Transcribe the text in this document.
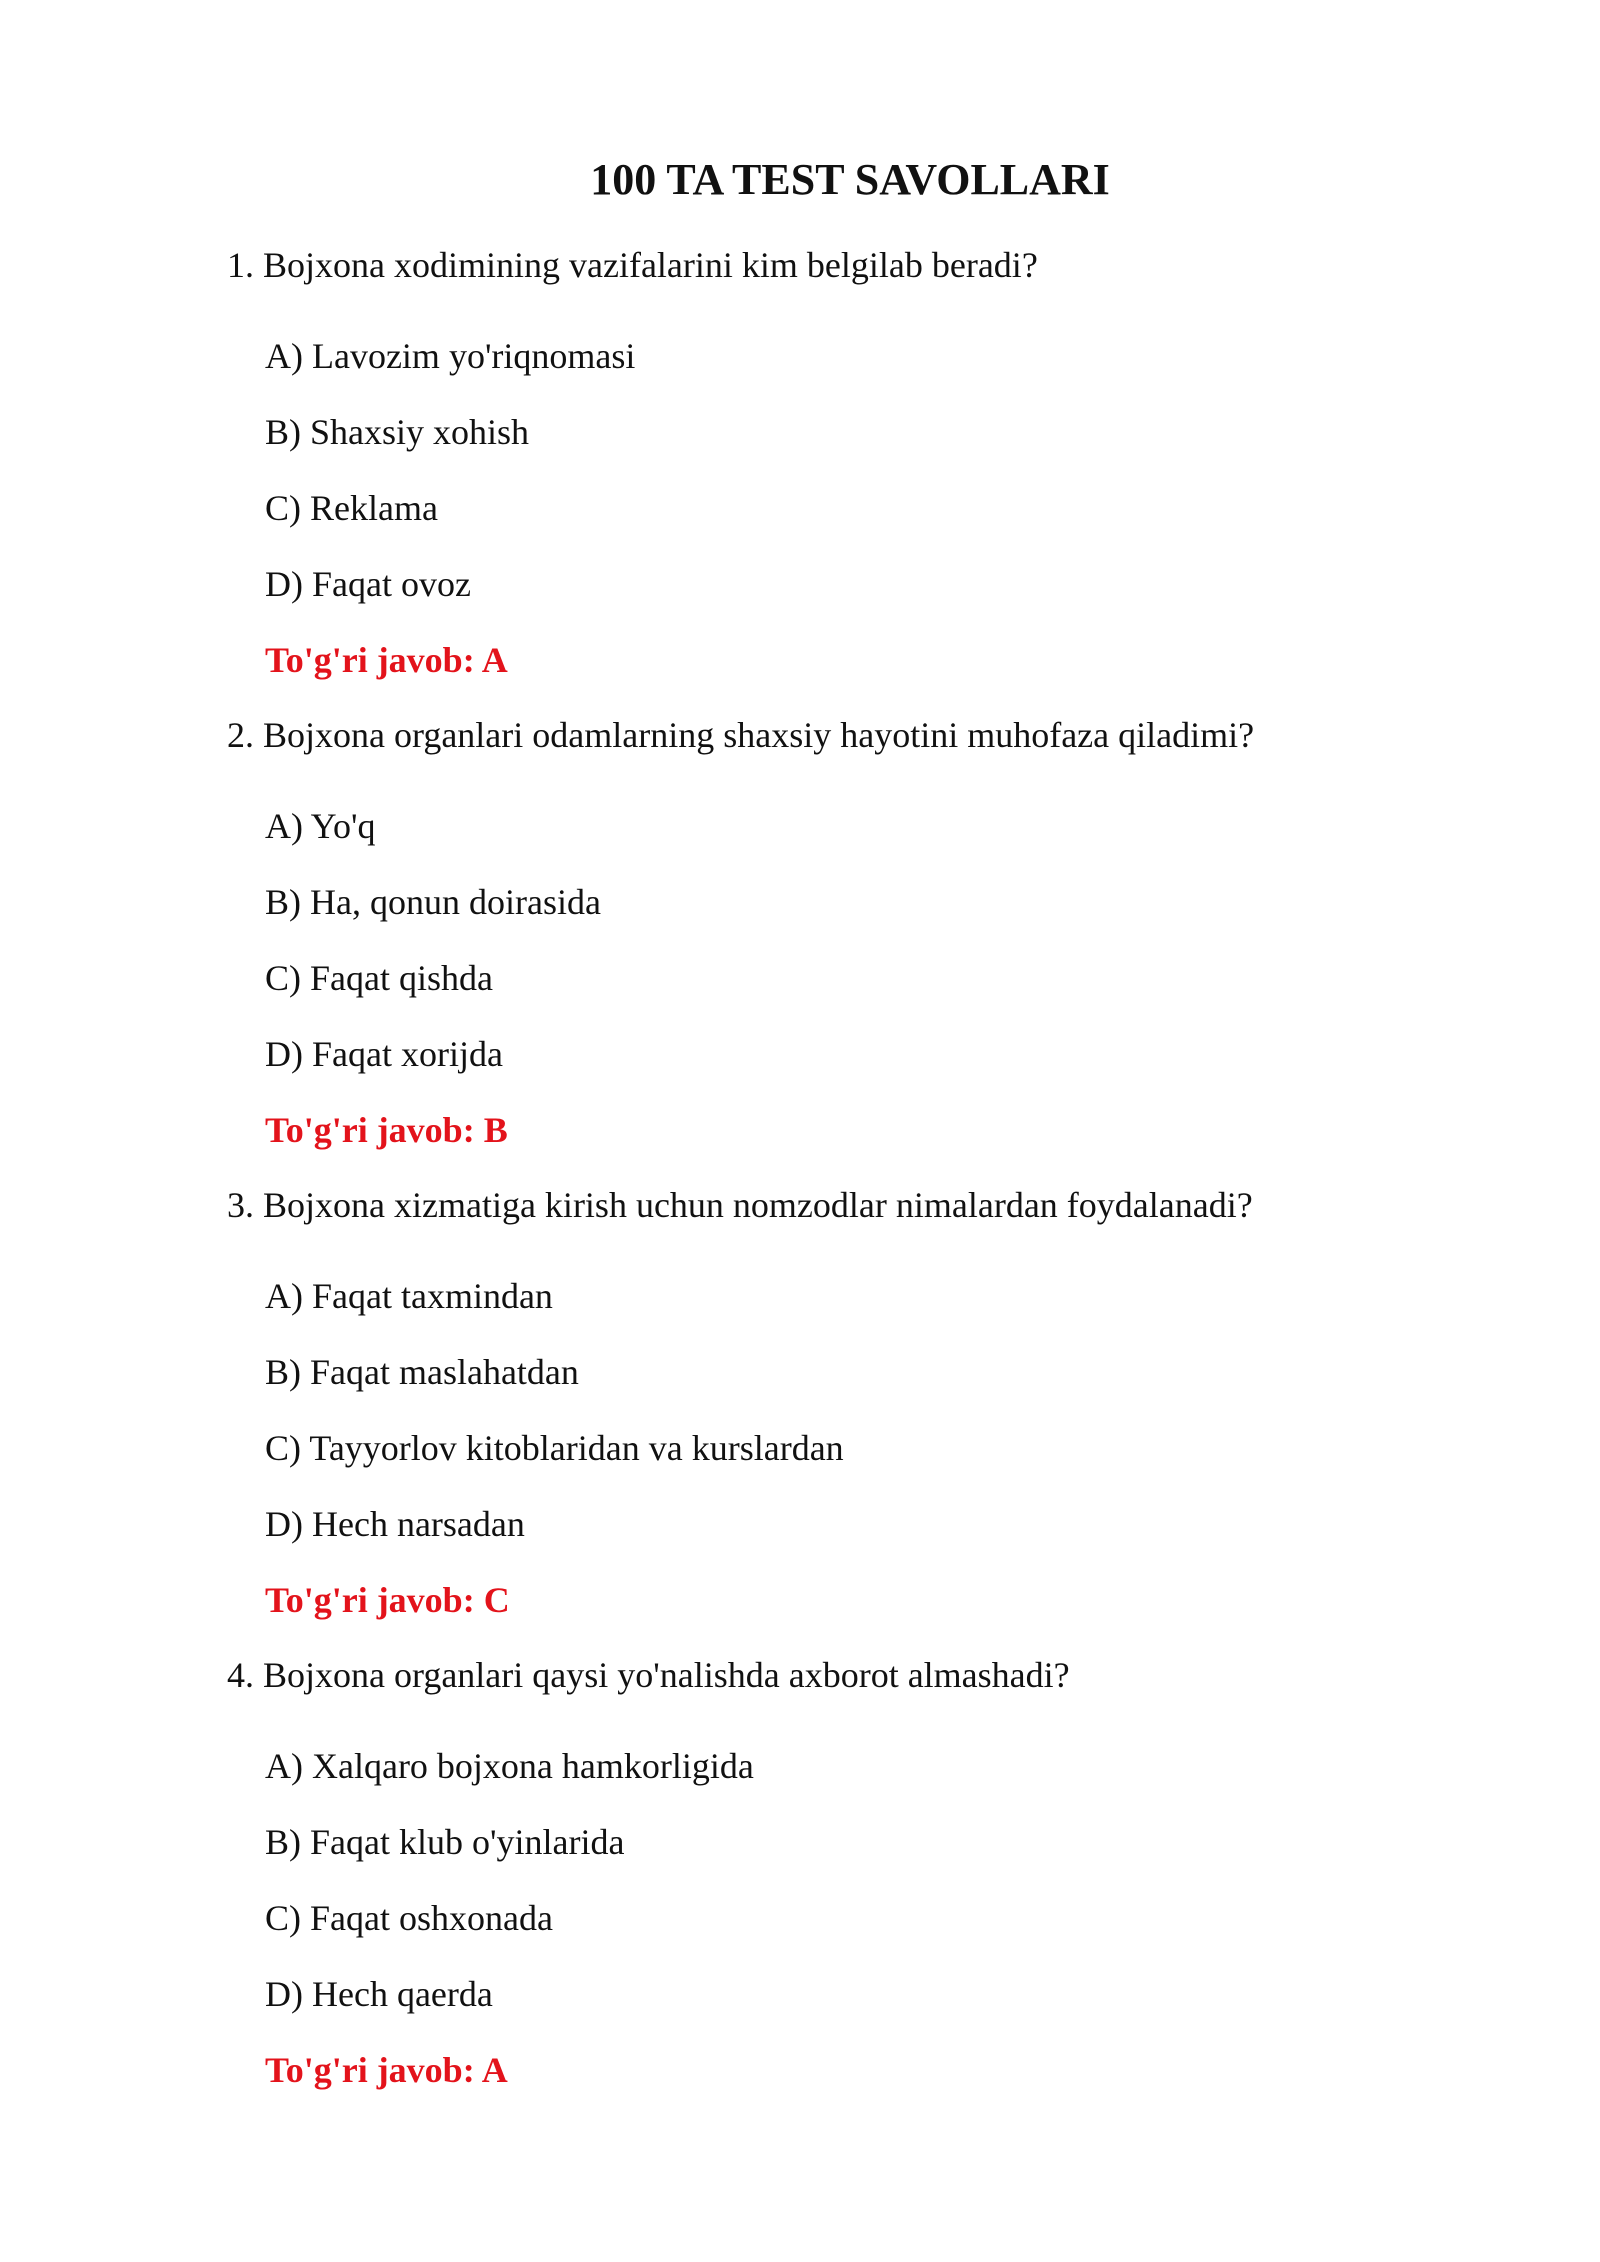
100 TA TEST SAVOLLARI
1. Bojxona xodimining vazifalarini kim belgilab beradi?
A) Lavozim yo'riqnomasi
B) Shaxsiy xohish
C) Reklama
D) Faqat ovoz
To'g'ri javob: A
2. Bojxona organlari odamlarning shaxsiy hayotini muhofaza qiladimi?
A) Yo'q
B) Ha, qonun doirasida
C) Faqat qishda
D) Faqat xorijda
To'g'ri javob: B
3. Bojxona xizmatiga kirish uchun nomzodlar nimalardan foydalanadi?
A) Faqat taxmindan
B) Faqat maslahatdan
C) Tayyorlov kitoblaridan va kurslardan
D) Hech narsadan
To'g'ri javob: C
4. Bojxona organlari qaysi yo'nalishda axborot almashadi?
A) Xalqaro bojxona hamkorligida
B) Faqat klub o'yinlarida
C) Faqat oshxonada
D) Hech qaerda
To'g'ri javob: A
